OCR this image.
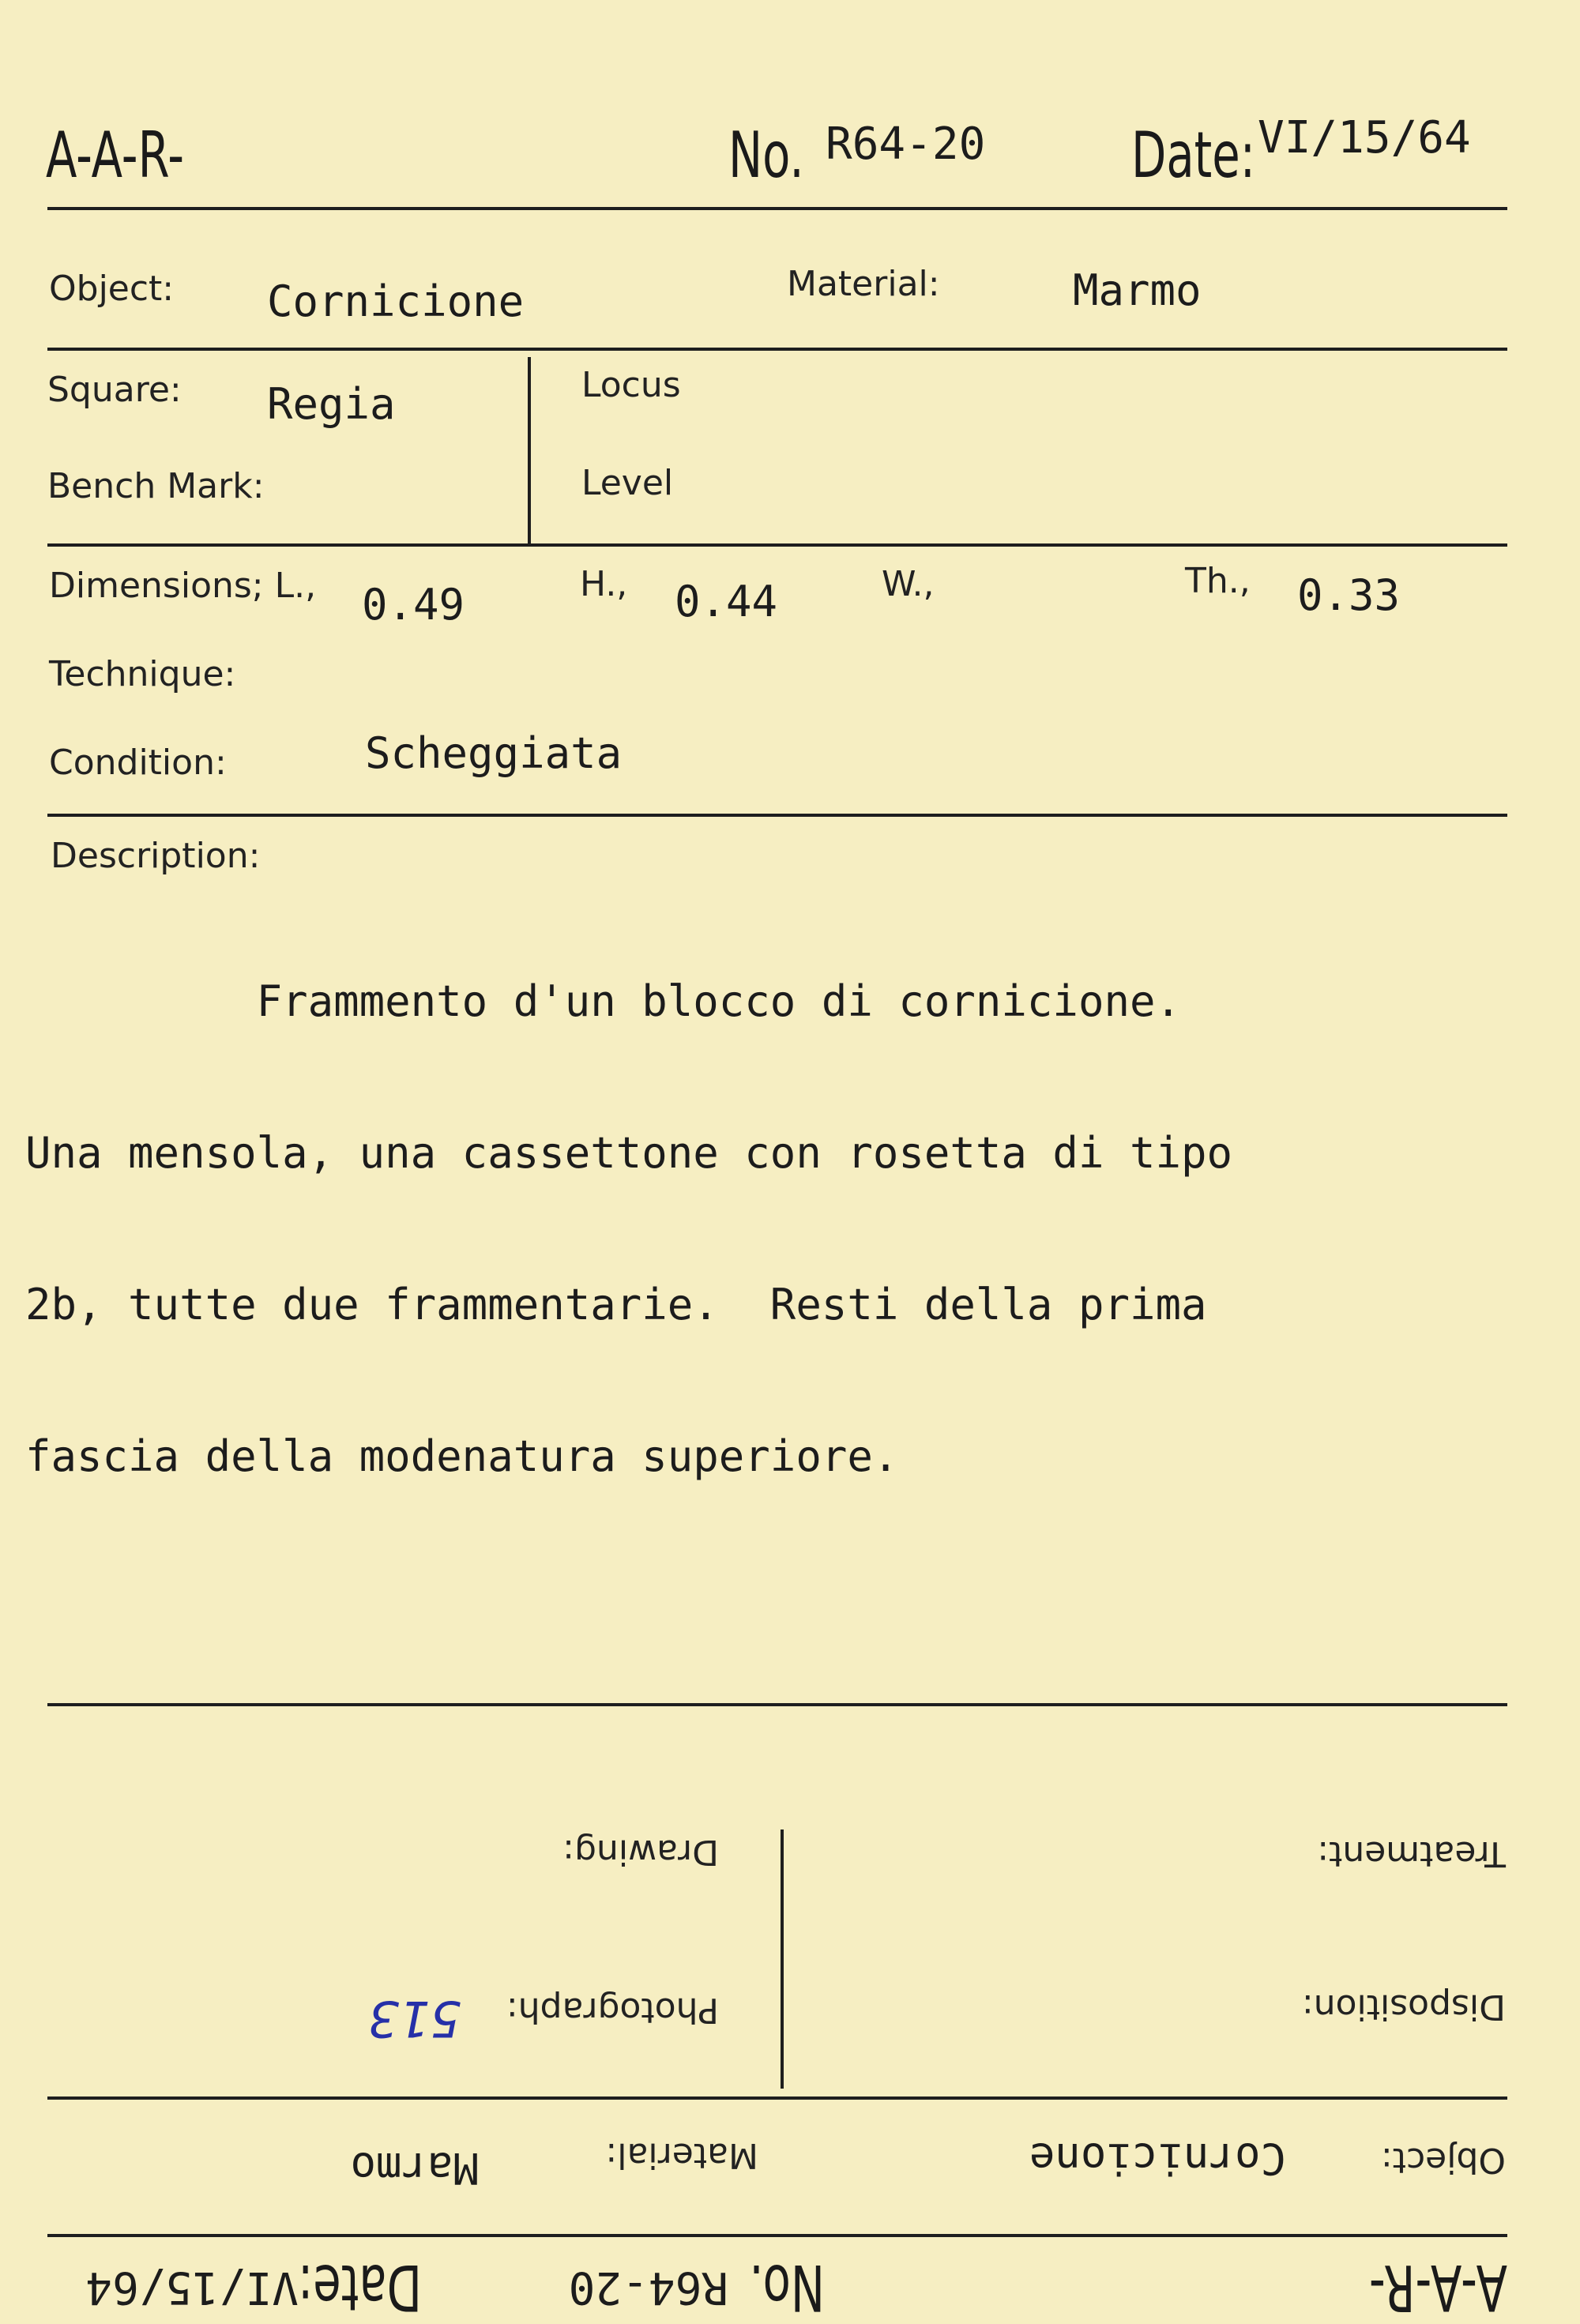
A-A-R-	No. R64-20 Date: VI/15/64
Object: Cornicione	Material:	Marmo
Square: Regia	Locus
Bench Mark:	Level
Dimensions; L., 0.49	H., 0.44	W.,	Th., 0.33
Technique:
Condition:	Scheggiata
Description:

Frammento d'un blocco di cornicione.

Una mensola, una cassettone con rosetta di tipo

2b, tutte due frammentarie.  Resti della prima

fascia della modenatura superiore.

Treatment:
Drawing:
Disposition:
Photograph:
513
Object:
Cornicione
Material:
Marmo
A-A-R-
No.
R64-20
Date:
VI/15/64
